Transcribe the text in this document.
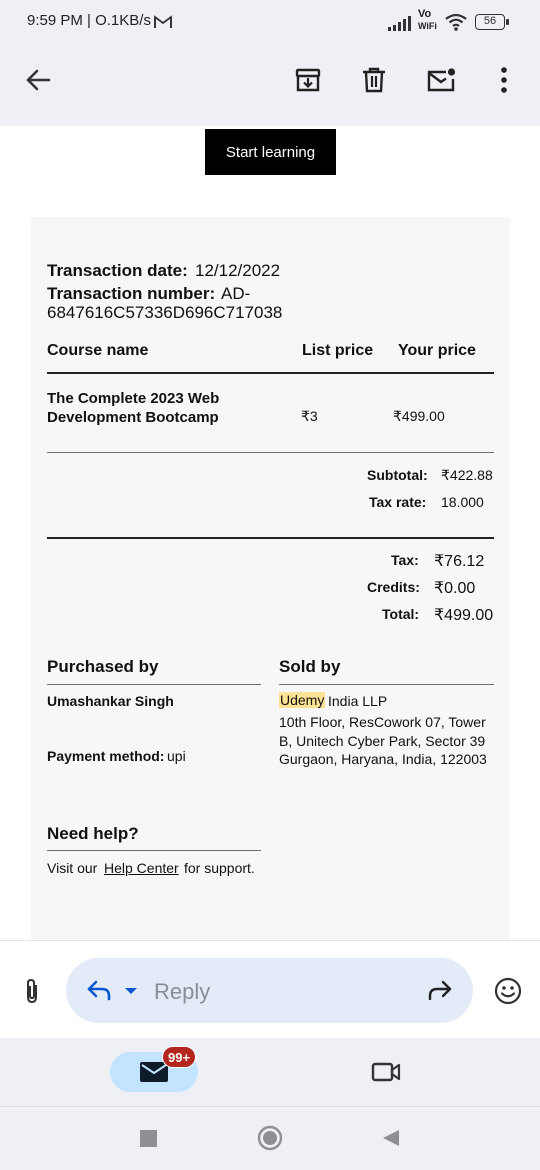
9:59 PM | O.1KB/s	Vo
WiFi	56
Start learning
Transaction date: 12/12/2022
Transaction number: AD-
6847616C57336D696C717038
Course name	List price Your price
The Complete 2023 Web
Development Bootcamp	₹3	₹499.00
Subtotal: ₹422.88
Tax rate: 18.000
Tax: ₹76.12
Credits: ₹0.00
Total: ₹499.00
Purchased by
Umashankar Singh
Payment method: upi
Sold by
Udemy India LLP
10th Floor, ResCowork 07, Tower
B, Unitech Cyber Park, Sector 39
Gurgaon, Haryana, India, 122003
Need help?
Visit our Help Center for support.
Reply
99+
